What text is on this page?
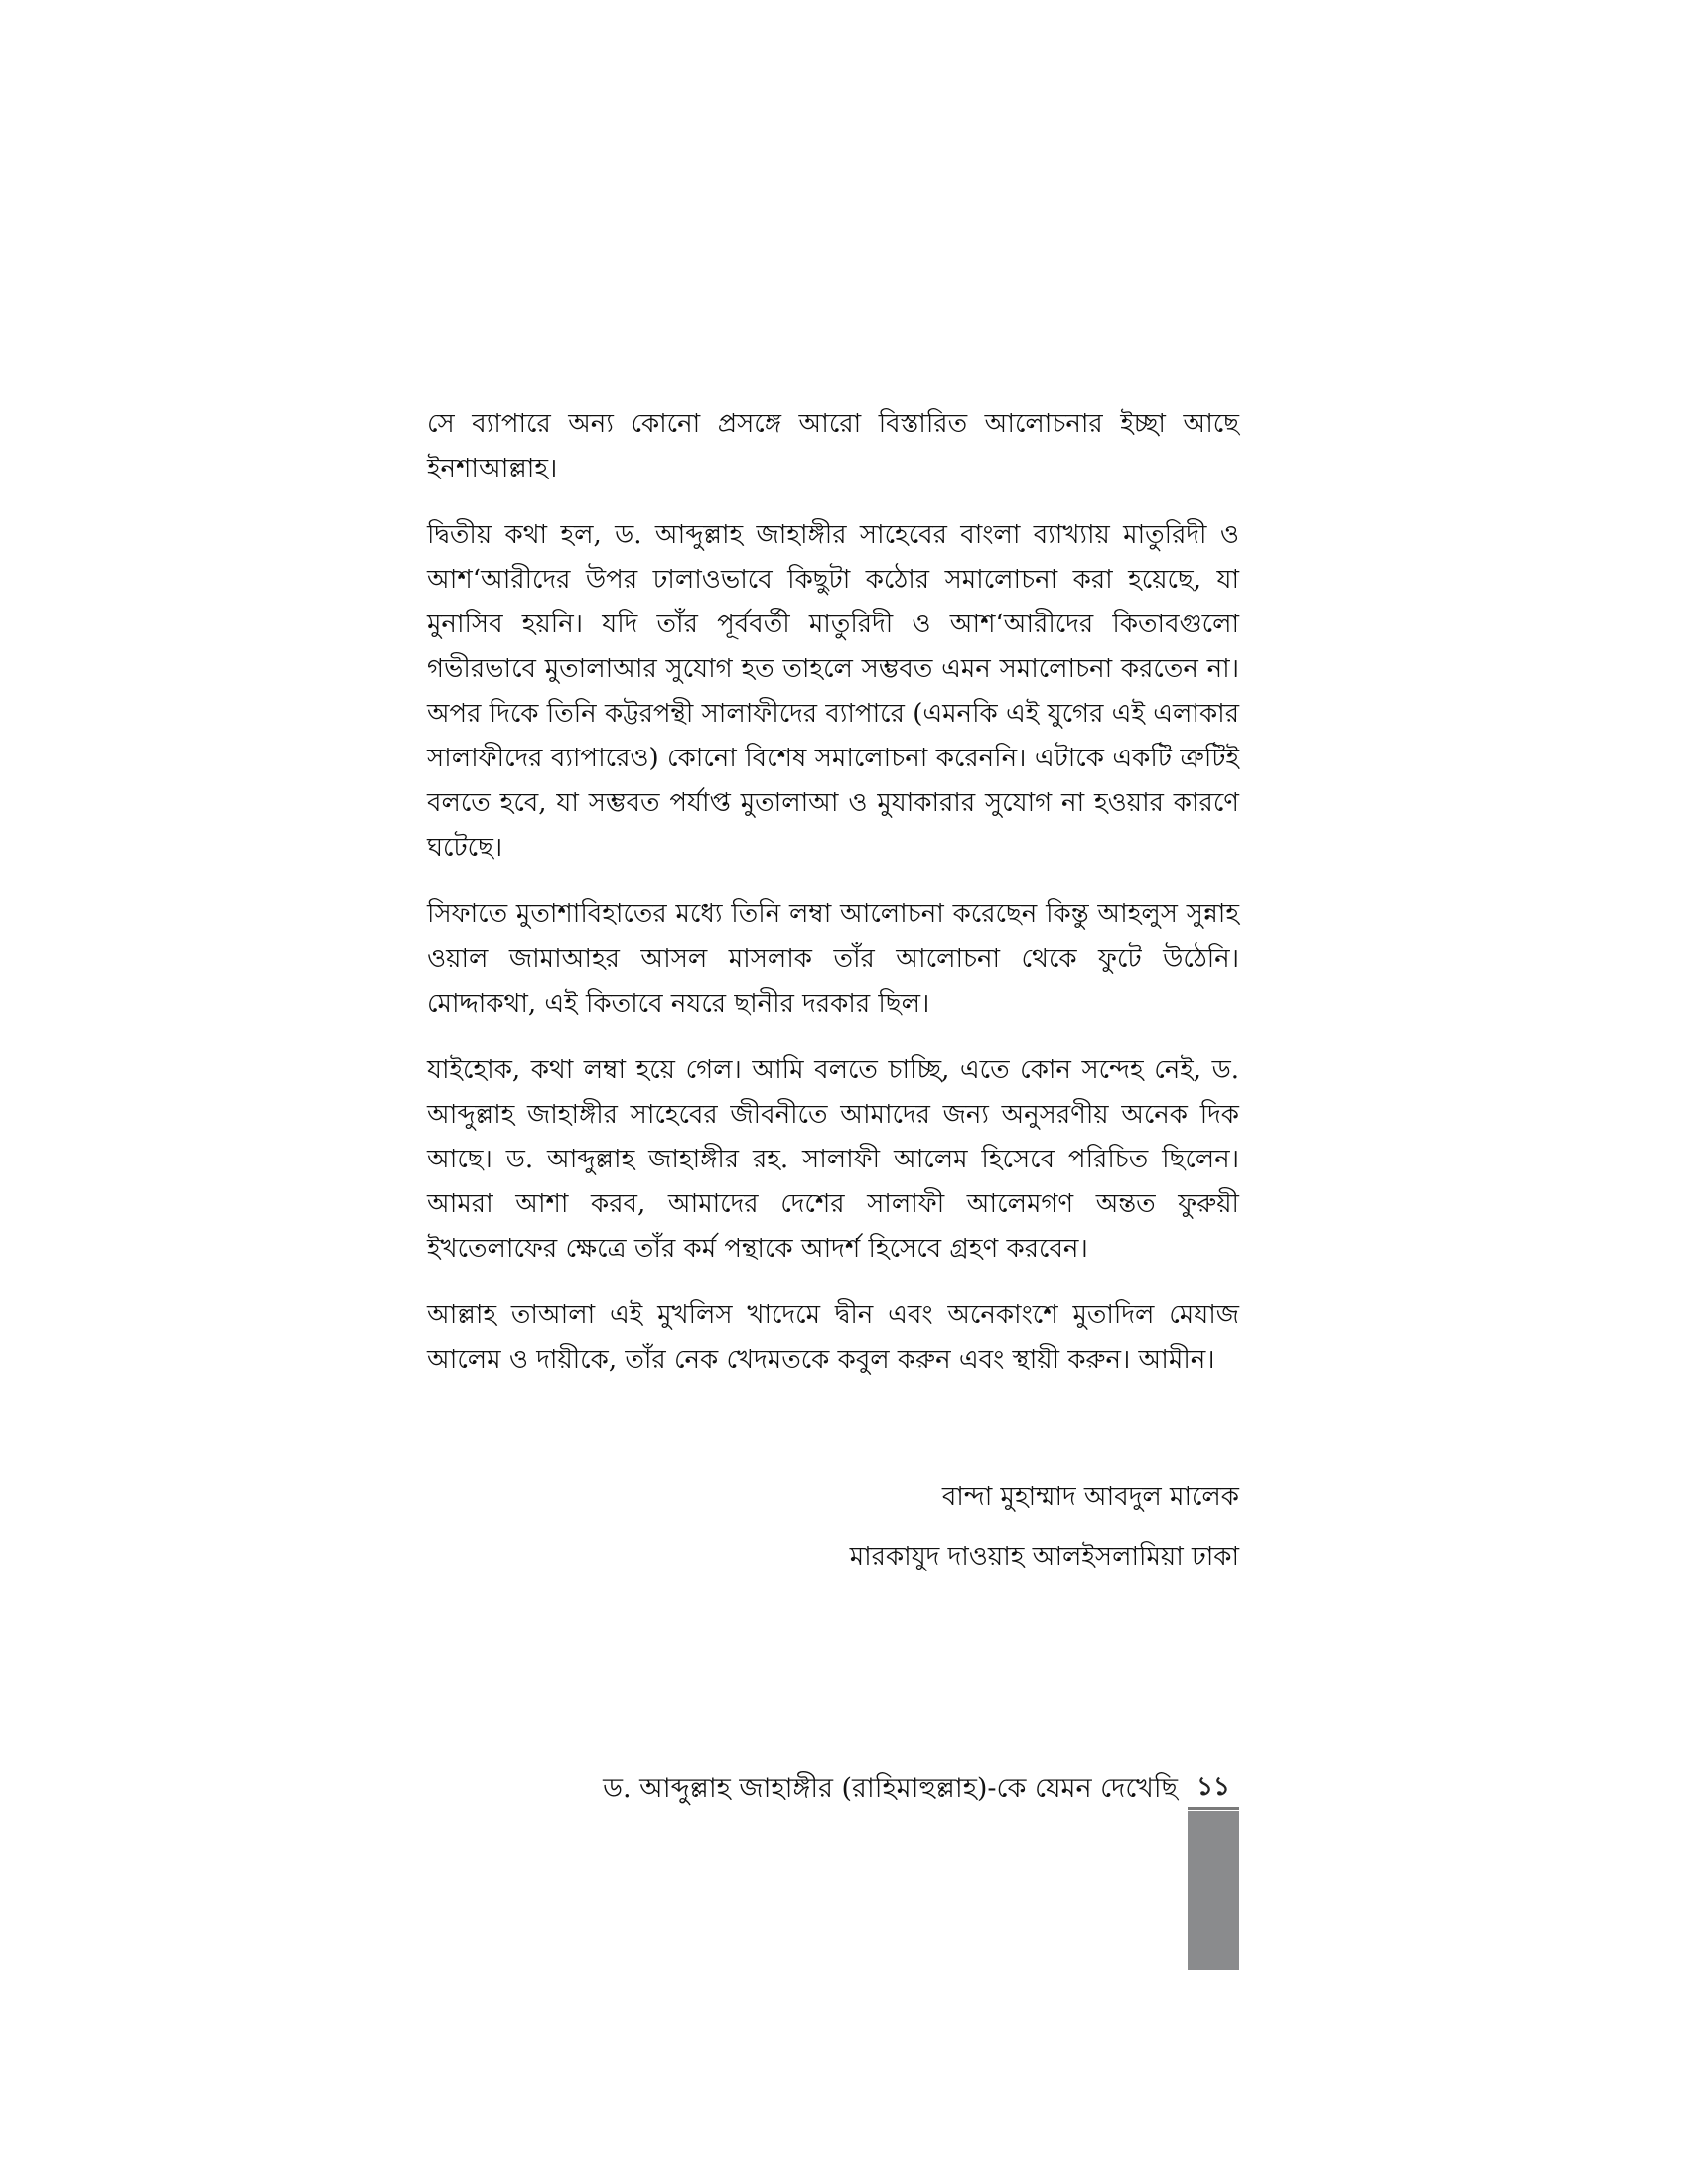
সে ব্যাপারে অন্য কোনো প্রসঙ্গে আরো বিস্তারিত আলোচনার ইচ্ছা আছে ইনশাআল্লাহ।

দ্বিতীয় কথা হল, ড. আব্দুল্লাহ জাহাঙ্গীর সাহেবের বাংলা ব্যাখ্যায় মাতুরিদী ও আশ‘আরীদের উপর ঢালাওভাবে কিছুটা কঠোর সমালোচনা করা হয়েছে, যা মুনাসিব হয়নি। যদি তাঁর পূর্ববর্তী মাতুরিদী ও আশ‘আরীদের কিতাবগুলো গভীরভাবে মুতালাআর সুযোগ হত তাহলে সম্ভবত এমন সমালোচনা করতেন না। অপর দিকে তিনি কট্টরপন্থী সালাফীদের ব্যাপারে (এমনকি এই যুগের এই এলাকার সালাফীদের ব্যাপারেও) কোনো বিশেষ সমালোচনা করেননি। এটাকে একটি ত্রুটিই বলতে হবে, যা সম্ভবত পর্যাপ্ত মুতালাআ ও মুযাকারার সুযোগ না হওয়ার কারণে ঘটেছে।

সিফাতে মুতাশাবিহাতের মধ্যে তিনি লম্বা আলোচনা করেছেন কিন্তু আহলুস সুন্নাহ ওয়াল জামাআহর আসল মাসলাক তাঁর আলোচনা থেকে ফুটে উঠেনি। মোদ্দাকথা, এই কিতাবে নযরে ছানীর দরকার ছিল।

যাইহোক, কথা লম্বা হয়ে গেল। আমি বলতে চাচ্ছি, এতে কোন সন্দেহ নেই, ড. আব্দুল্লাহ জাহাঙ্গীর সাহেবের জীবনীতে আমাদের জন্য অনুসরণীয় অনেক দিক আছে। ড. আব্দুল্লাহ জাহাঙ্গীর রহ. সালাফী আলেম হিসেবে পরিচিত ছিলেন। আমরা আশা করব, আমাদের দেশের সালাফী আলেমগণ অন্তত ফুরুয়ী ইখতেলাফের ক্ষেত্রে তাঁর কর্ম পন্থাকে আদর্শ হিসেবে গ্রহণ করবেন।

আল্লাহ তাআলা এই মুখলিস খাদেমে দ্বীন এবং অনেকাংশে মুতাদিল মেযাজ আলেম ও দায়ীকে, তাঁর নেক খেদমতকে কবুল করুন এবং স্থায়ী করুন। আমীন।

বান্দা মুহাম্মাদ আবদুল মালেক
মারকাযুদ দাওয়াহ আলইসলামিয়া ঢাকা
ড. আব্দুল্লাহ জাহাঙ্গীর (রাহিমাহুল্লাহ)-কে যেমন দেখেছি ১১
